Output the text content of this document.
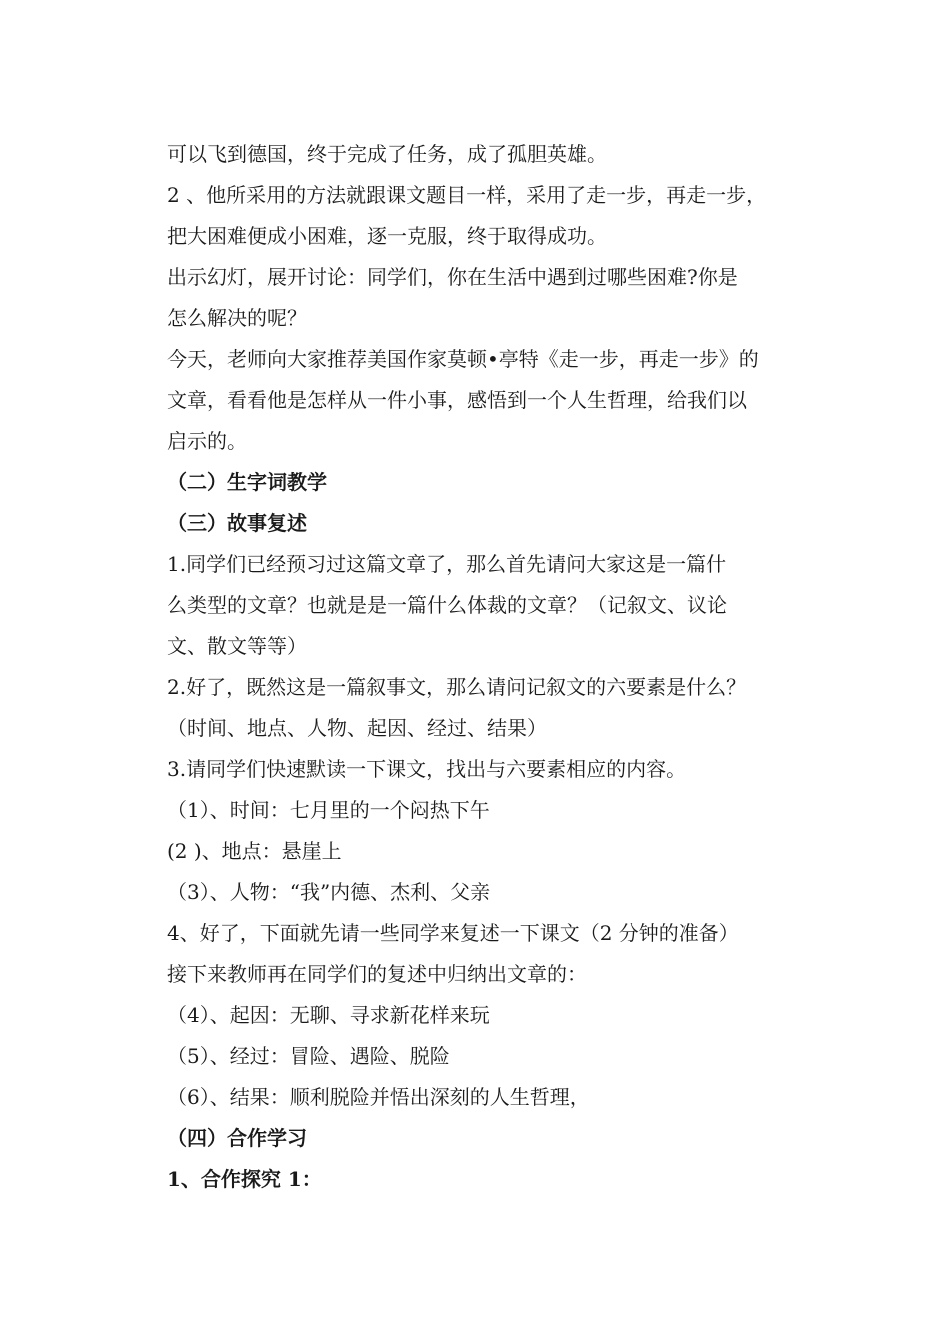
可以飞到德国，终于完成了任务，成了孤胆英雄。
2 、他所采用的方法就跟课文题目一样，采用了走一步，再走一步，
把大困难便成小困难，逐一克服，终于取得成功。
出示幻灯，展开讨论：同学们，你在生活中遇到过哪些困难?你是
怎么解决的呢？
今天，老师向大家推荐美国作家莫顿•亭特《走一步，再走一步》的
文章，看看他是怎样从一件小事，感悟到一个人生哲理，给我们以
启示的。
（二）生字词教学
（三）故事复述
1.同学们已经预习过这篇文章了，那么首先请问大家这是一篇什
么类型的文章？也就是是一篇什么体裁的文章？（记叙文、议论
文、散文等等）
2.好了，既然这是一篇叙事文，那么请问记叙文的六要素是什么？
（时间、地点、人物、起因、经过、结果）
3.请同学们快速默读一下课文，找出与六要素相应的内容。
（1）、时间：七月里的一个闷热下午
(2 )、地点：悬崖上
（3）、人物：“我”内德、杰利、父亲
4、好了，下面就先请一些同学来复述一下课文（2 分钟的准备）
接下来教师再在同学们的复述中归纳出文章的：
（4）、起因：无聊、寻求新花样来玩
（5）、经过：冒险、遇险、脱险
（6）、结果：顺利脱险并悟出深刻的人生哲理，
（四）合作学习
1、合作探究 1：
